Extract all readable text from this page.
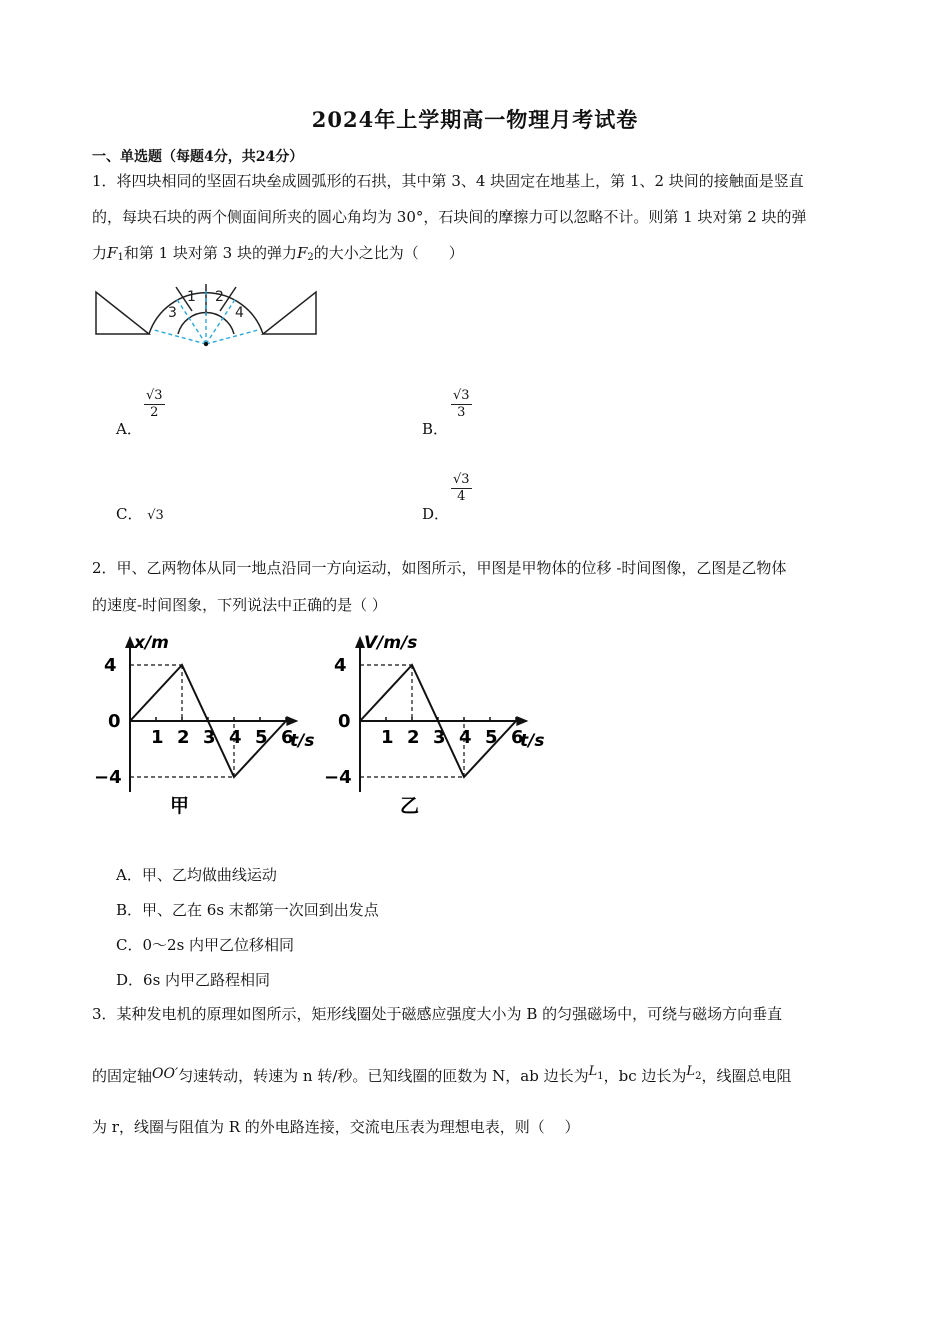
2024年上学期高一物理月考试卷
一、单选题（每题4分，共24分）
1．将四块相同的坚固石块垒成圆弧形的石拱，其中第 3、4 块固定在地基上，第 1、2 块间的接触面是竖直
的，每块石块的两个侧面间所夹的圆心角均为 30°，石块间的摩擦力可以忽略不计。则第 1 块对第 2 块的弹
力$F_1$和第 1 块对第 3 块的弹力$F_2$的大小之比为（　　）
3
1 2
4
A．
$\frac{√3}{2}$
B．
$\frac{√3}{3}$
C． √3	D．
$\frac{√3}{4}$
2．甲、乙两物体从同一地点沿同一方向运动，如图所示，甲图是甲物体的位移 -时间图像，乙图是乙物体
的速度-时间图象，下列说法中正确的是（ ）
x/m
t/s
4
0
−4
1 2 3 4 5 6
甲
V/m/s
t/s
4
0
−4
1 2 3 4 5 6
乙
A．甲、乙均做曲线运动
B．甲、乙在 6s 末都第一次回到出发点
C．0～2s 内甲乙位移相同
D．6s 内甲乙路程相同
3．某种发电机的原理如图所示，矩形线圈处于磁感应强度大小为 B 的匀强磁场中，可绕与磁场方向垂直
的固定轴OO′匀速转动，转速为 n 转/秒。已知线圈的匝数为 N，ab 边长为$L^1$，bc 边长为$L^2$，线圈总电阻
为 r，线圈与阻值为 R 的外电路连接，交流电压表为理想电表，则（　 ）
